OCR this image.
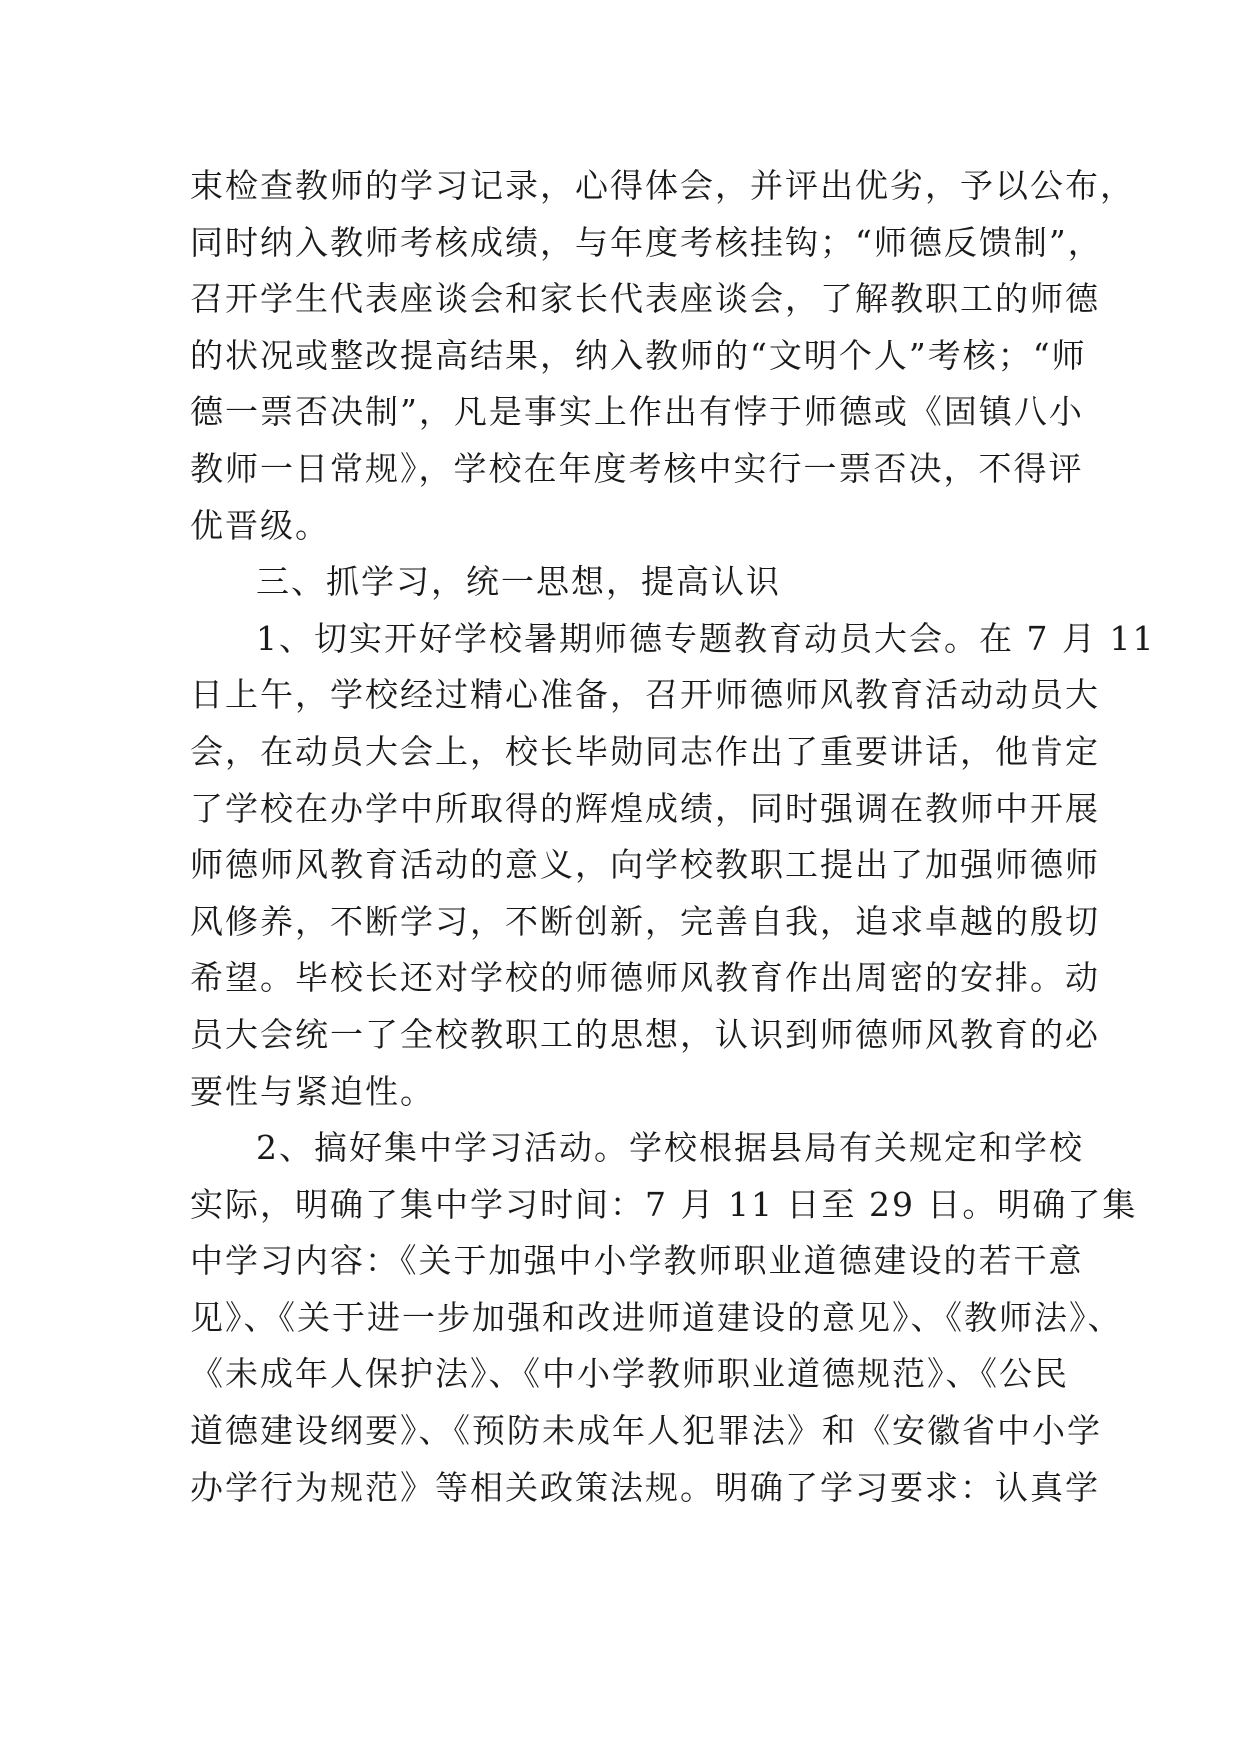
束检查教师的学习记录，心得体会，并评出优劣，予以公布，
同时纳入教师考核成绩，与年度考核挂钩；“师德反馈制”，
召开学生代表座谈会和家长代表座谈会，了解教职工的师德
的状况或整改提高结果，纳入教师的“文明个人”考核；“师
德一票否决制”，凡是事实上作出有悖于师德或《固镇八小
教师一日常规》，学校在年度考核中实行一票否决，不得评
优晋级。
三、抓学习，统一思想，提高认识
1、切实开好学校暑期师德专题教育动员大会。在 7 月 11
日上午，学校经过精心准备，召开师德师风教育活动动员大
会，在动员大会上，校长毕勋同志作出了重要讲话，他肯定
了学校在办学中所取得的辉煌成绩，同时强调在教师中开展
师德师风教育活动的意义，向学校教职工提出了加强师德师
风修养，不断学习，不断创新，完善自我，追求卓越的殷切
希望。毕校长还对学校的师德师风教育作出周密的安排。动
员大会统一了全校教职工的思想，认识到师德师风教育的必
要性与紧迫性。
2、搞好集中学习活动。学校根据县局有关规定和学校
实际，明确了集中学习时间：7 月 11 日至 29 日。明确了集
中学习内容：《关于加强中小学教师职业道德建设的若干意
见》、《关于进一步加强和改进师道建设的意见》、《教师法》、
《未成年人保护法》、《中小学教师职业道德规范》、《公民
道德建设纲要》、《预防未成年人犯罪法》和《安徽省中小学
办学行为规范》等相关政策法规。明确了学习要求：认真学
